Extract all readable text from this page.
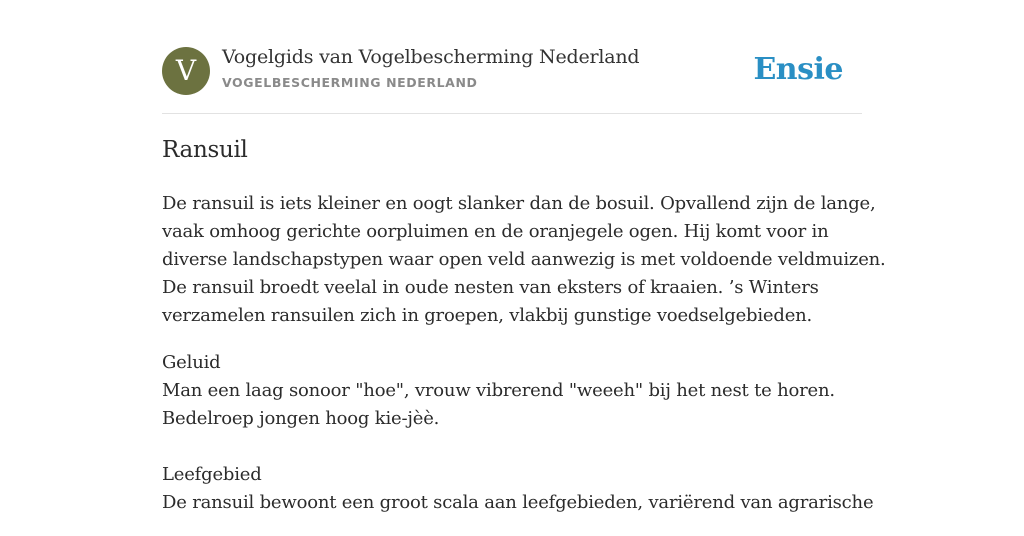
V	Vogelgids van Vogelbescherming Nederland
VOGELBESCHERMING NEDERLAND	Ensie
Ransuil

De ransuil is iets kleiner en oogt slanker dan de bosuil. Opvallend zijn de lange,
vaak omhoog gerichte oorpluimen en de oranjegele ogen. Hij komt voor in
diverse landschapstypen waar open veld aanwezig is met voldoende veldmuizen.
De ransuil broedt veelal in oude nesten van eksters of kraaien. ’s Winters
verzamelen ransuilen zich in groepen, vlakbij gunstige voedselgebieden.

Geluid
Man een laag sonoor "hoe", vrouw vibrerend "weeeh" bij het nest te horen.
Bedelroep jongen hoog kie-jèè.
Leefgebied
De ransuil bewoont een groot scala aan leefgebieden, variërend van agrarische
